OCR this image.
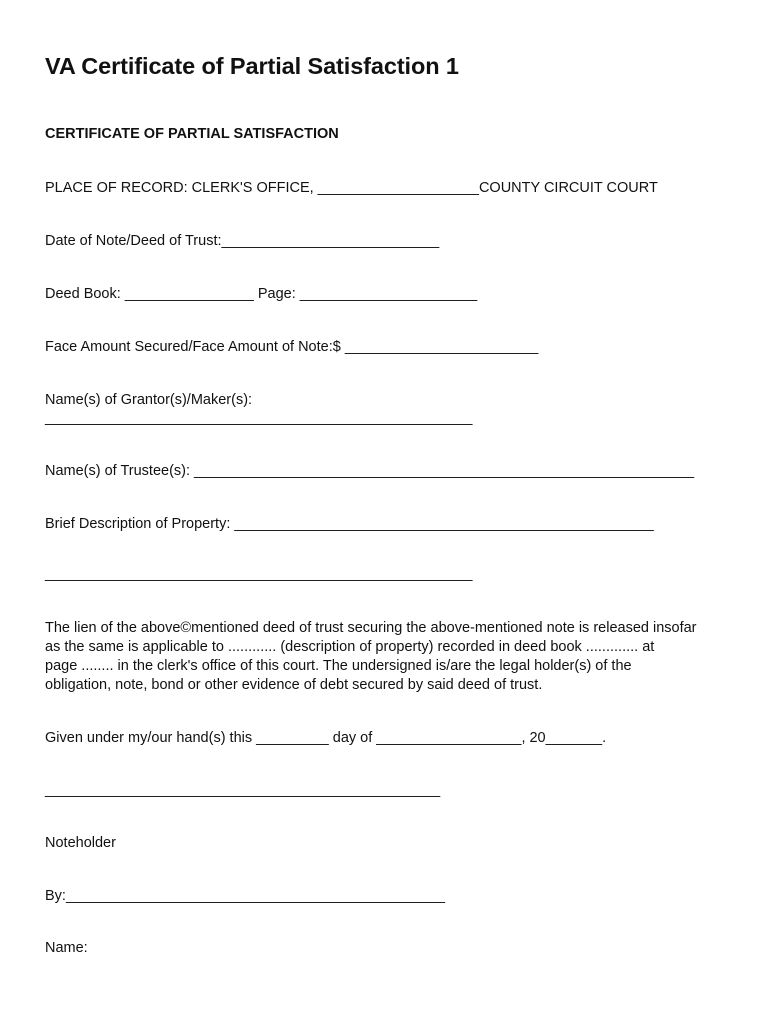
VA Certificate of Partial Satisfaction 1
CERTIFICATE OF PARTIAL SATISFACTION

PLACE OF RECORD: CLERK'S OFFICE, ____________________COUNTY CIRCUIT COURT

Date of Note/Deed of Trust:___________________________

Deed Book: ________________ Page: ______________________

Face Amount Secured/Face Amount of Note:$ ________________________

Name(s) of Grantor(s)/Maker(s):

_____________________________________________________

Name(s) of Trustee(s): ______________________________________________________________

Brief Description of Property: ____________________________________________________

_____________________________________________________

The lien of the above©mentioned deed of trust securing the above-mentioned note is released insofar
as the same is applicable to ............ (description of property) recorded in deed book ............. at
page ........ in the clerk's office of this court. The undersigned is/are the legal holder(s) of the
obligation, note, bond or other evidence of debt secured by said deed of trust.

Given under my/our hand(s) this _________ day of __________________, 20_______.

_________________________________________________

Noteholder

By:_______________________________________________

Name:
